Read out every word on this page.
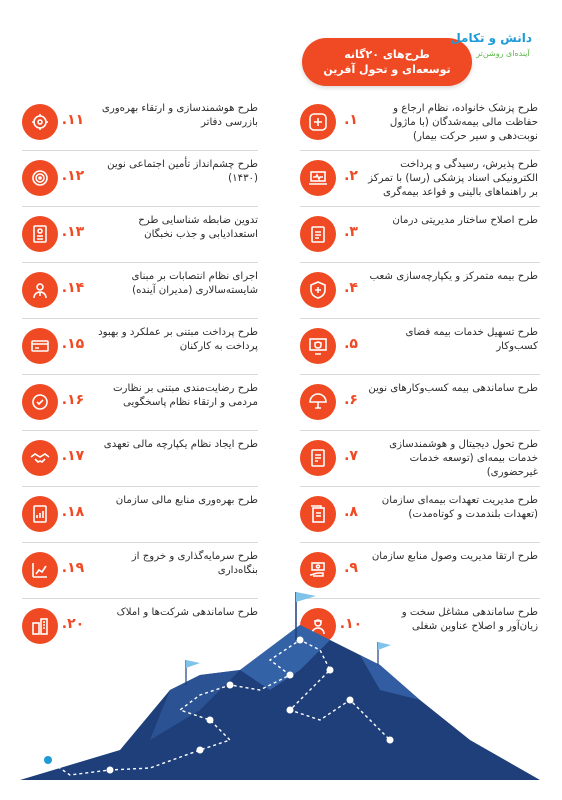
طرح‌های ۲۰گانه
توسعه‌ای و تحول آفرین
دانش و تکامل
آینده‌ای روشن‌تر
۱.
طرح پزشک خانواده، نظام ارجاع و حفاظت مالی بیمه‌شدگان (با ماژول نوبت‌دهی و سیر حرکت بیمار)
۲.
طرح پذیرش، رسیدگی و پرداخت الکترونیکی اسناد پزشکی (رسا) با تمرکز بر راهنماهای بالینی و قواعد بیمه‌گری
۳.
طرح اصلاح ساختار مدیریتی درمان
۴.
طرح بیمه متمرکز و یکپارچه‌سازی شعب
۵.
طرح تسهیل خدمات بیمه فضای کسب‌وکار
۶.
طرح ساماندهی بیمه کسب‌وکارهای نوین
۷.
طرح تحول دیجیتال و هوشمندسازی خدمات بیمه‌ای (توسعه خدمات غیرحضوری)
۸.
طرح مدیریت تعهدات بیمه‌ای سازمان (تعهدات بلندمدت و کوتاه‌مدت)
۹.
طرح ارتقا مدیریت وصول منابع سازمان
۱۰.
طرح ساماندهی مشاغل سخت و زیان‌آور و اصلاح عناوین شغلی
۱۱.
طرح هوشمندسازی و ارتقاء بهره‌وری بازرسی دفاتر
۱۲.
طرح چشم‌انداز تأمین اجتماعی نوین (۱۴۳۰)
۱۳.
تدوین ضابطه شناسایی طرح استعدادیابی و جذب نخبگان
۱۴.
اجرای نظام انتصابات بر مبنای شایسته‌سالاری (مدیران آینده)
۱۵.
طرح پرداخت مبتنی بر عملکرد و بهبود پرداخت به کارکنان
۱۶.
طرح رضایت‌مندی مبتنی بر نظارت مردمی و ارتقاء نظام پاسخگویی
۱۷.
طرح ایجاد نظام یکپارچه مالی تعهدی
۱۸.
طرح بهره‌وری منابع مالی سازمان
۱۹.
طرح سرمایه‌گذاری و خروج از بنگاه‌داری
۲۰.
طرح ساماندهی شرکت‌ها و املاک
